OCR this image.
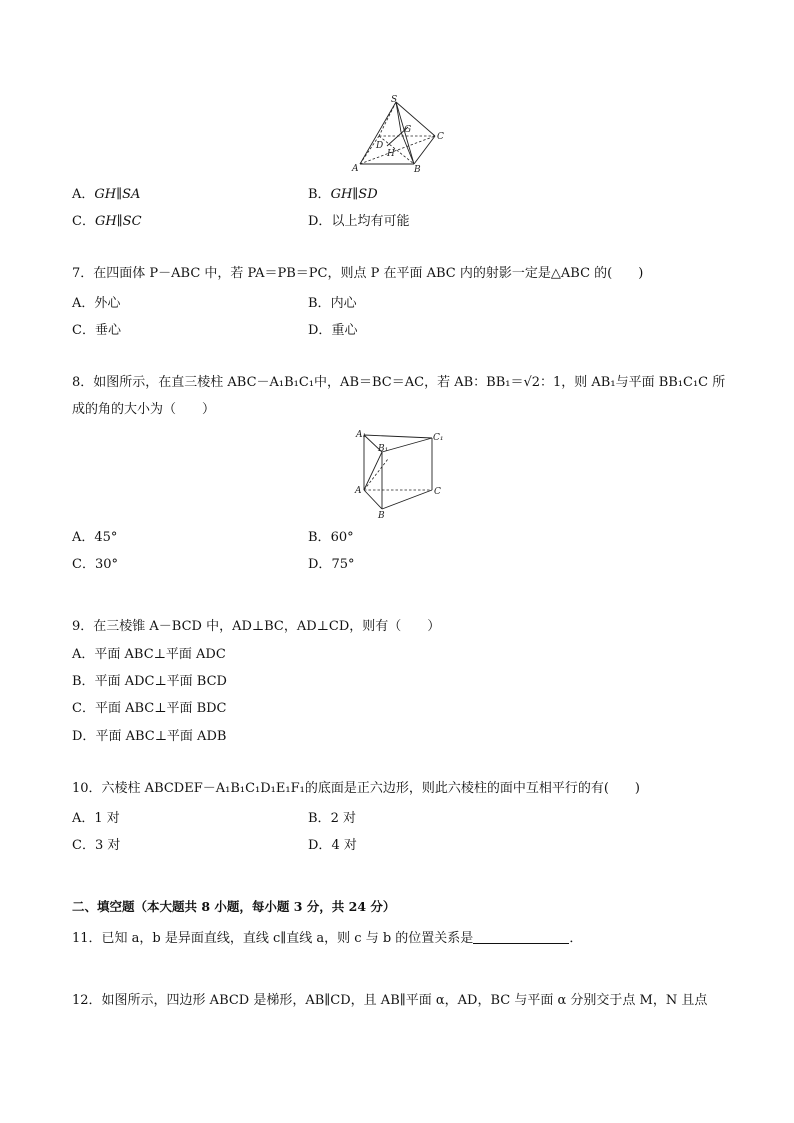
S
G
C
D
H
A	B
A．GH∥SA	B．GH∥SD
C．GH∥SC	D．以上均有可能
7．在四面体 P－ABC 中，若 PA＝PB＝PC，则点 P 在平面 ABC 内的射影一定是△ABC 的(　　)
A．外心	B．内心
C．垂心	D．重心
8．如图所示，在直三棱柱 ABC－A₁B₁C₁中，AB＝BC＝AC，若 AB：BB₁＝√2：1，则 AB₁与平面 BB₁C₁C 所
成的角的大小为（　　）
A₁
B₁
C₁
A	C
B
A．45°	B．60°
C．30°	D．75°
9．在三棱锥 A－BCD 中，AD⊥BC，AD⊥CD，则有（　　）
A．平面 ABC⊥平面 ADC
B．平面 ADC⊥平面 BCD
C．平面 ABC⊥平面 BDC
D．平面 ABC⊥平面 ADB
10．六棱柱 ABCDEF－A₁B₁C₁D₁E₁F₁的底面是正六边形，则此六棱柱的面中互相平行的有(　　)
A．1 对	B．2 对
C．3 对	D．4 对
二、填空题（本大题共 8 小题，每小题 3 分，共 24 分）
11．已知 a，b 是异面直线，直线 c∥直线 a，则 c 与 b 的位置关系是	．
12．如图所示，四边形 ABCD 是梯形，AB∥CD，且 AB∥平面 α，AD，BC 与平面 α 分别交于点 M，N 且点
